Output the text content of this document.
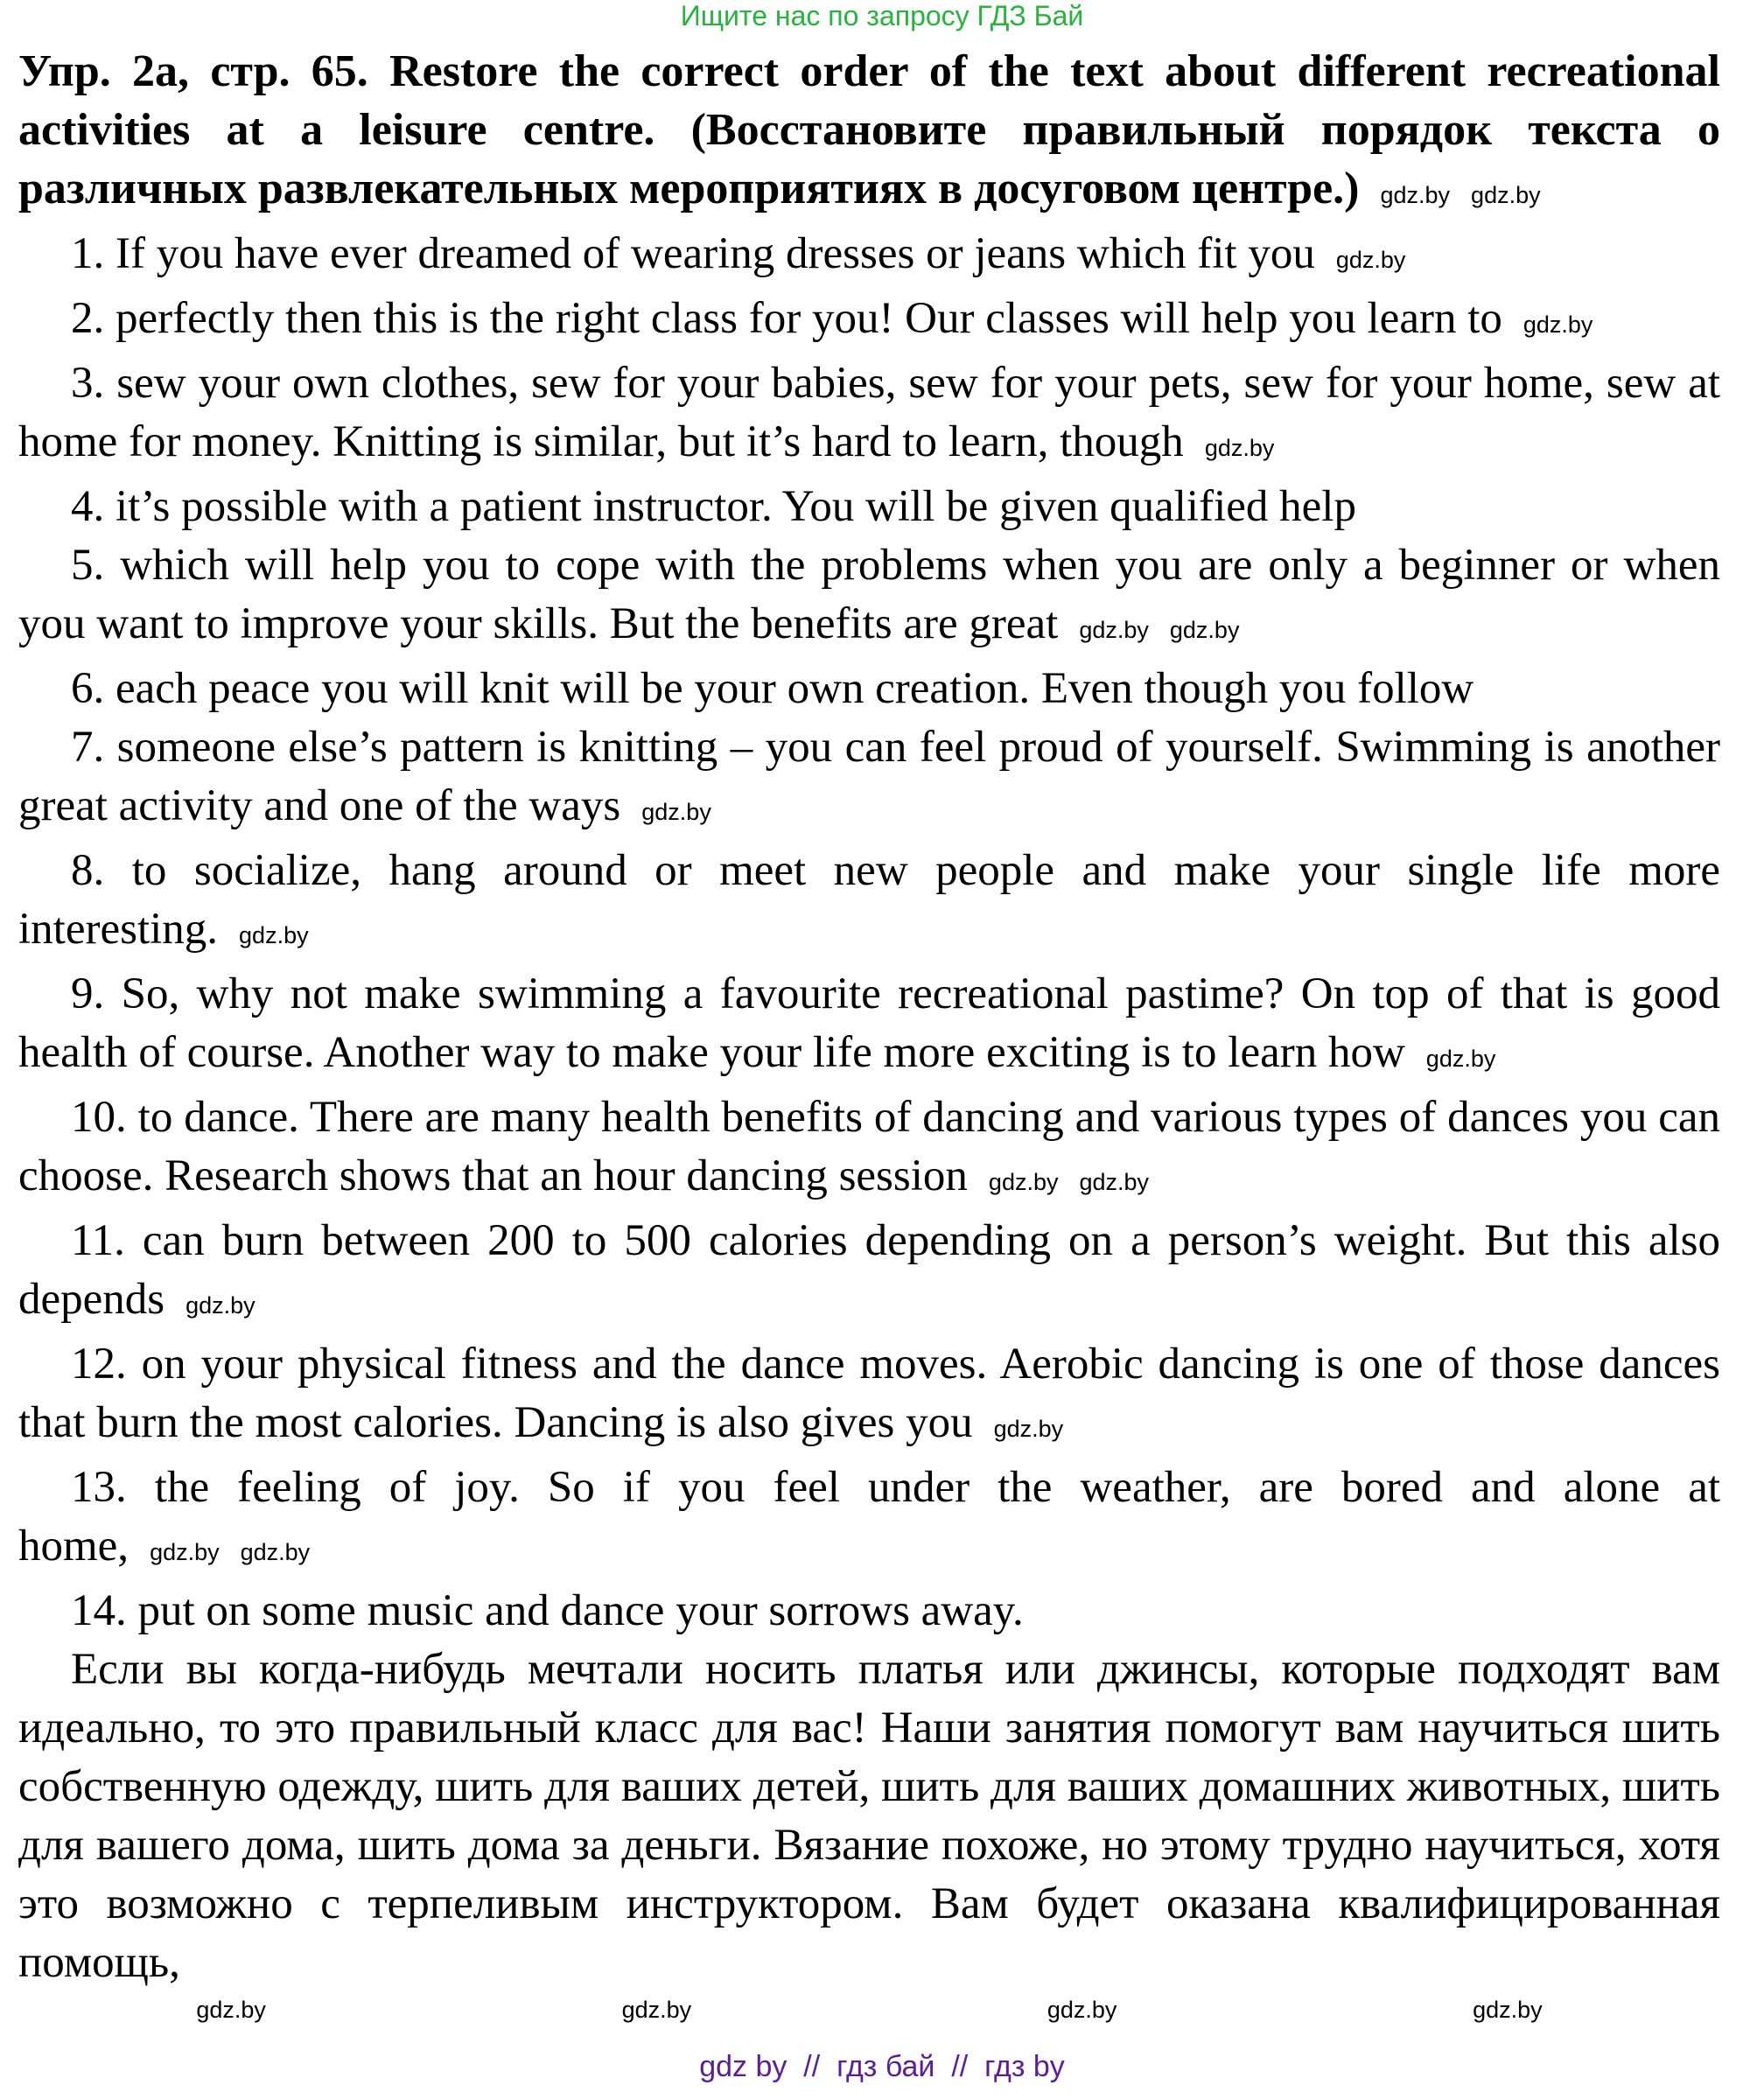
Ищите нас по запросу ГДЗ Бай

Упр. 2a, стр. 65. Restore the correct order of the text about different recreational activities at a leisure centre. (Восстановите правильный порядок текста о различных развлекательных мероприятиях в досуговом центре.) gdz.by gdz.by

1. If you have ever dreamed of wearing dresses or jeans which fit you gdz.by

2. perfectly then this is the right class for you! Our classes will help you learn to gdz.by

3. sew your own clothes, sew for your babies, sew for your pets, sew for your home, sew at home for money. Knitting is similar, but it’s hard to learn, though gdz.by

4. it’s possible with a patient instructor. You will be given qualified help

5. which will help you to cope with the problems when you are only a beginner or when you want to improve your skills. But the benefits are great gdz.by gdz.by

6. each peace you will knit will be your own creation. Even though you follow

7. someone else’s pattern is knitting – you can feel proud of yourself. Swimming is another great activity and one of the ways gdz.by

8. to socialize, hang around or meet new people and make your single life more interesting. gdz.by

9. So, why not make swimming a favourite recreational pastime? On top of that is good health of course. Another way to make your life more exciting is to learn how gdz.by

10. to dance. There are many health benefits of dancing and various types of dances you can choose. Research shows that an hour dancing session gdz.by gdz.by

11. can burn between 200 to 500 calories depending on a person’s weight. But this also depends gdz.by

12. on your physical fitness and the dance moves. Aerobic dancing is one of those dances that burn the most calories. Dancing is also gives you gdz.by

13. the feeling of joy. So if you feel under the weather, are bored and alone at home, gdz.by gdz.by

14. put on some music and dance your sorrows away.

Если вы когда-нибудь мечтали носить платья или джинсы, которые подходят вам идеально, то это правильный класс для вас! Наши занятия помогут вам научиться шить собственную одежду, шить для ваших детей, шить для ваших домашних животных, шить для вашего дома, шить дома за деньги. Вязание похоже, но этому трудно научиться, хотя это возможно с терпеливым инструктором. Вам будет оказана квалифицированная помощь,

gdz.by	gdz.by	gdz.by	gdz.by
gdz by  //  гдз бай  //  гдз by
